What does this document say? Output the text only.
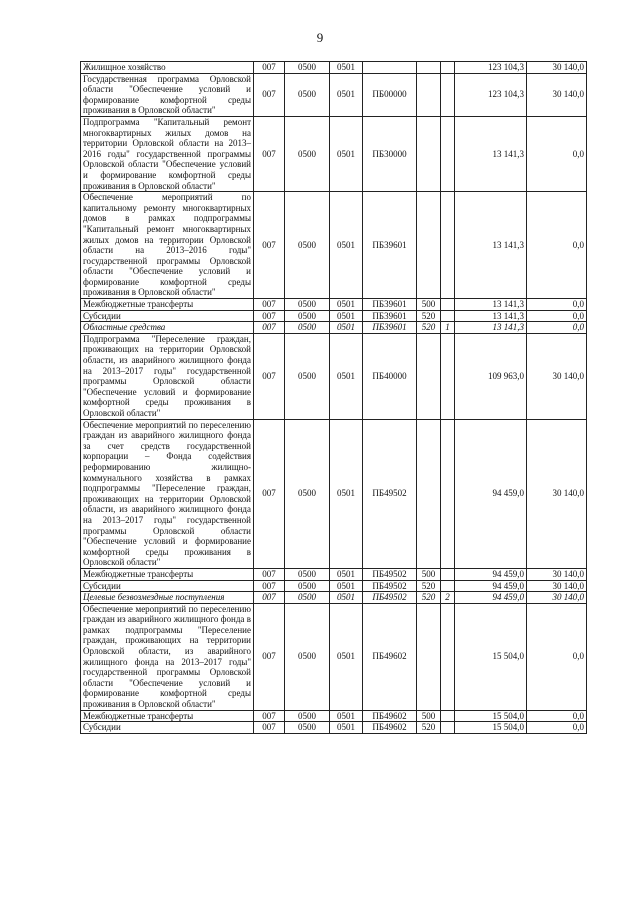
9
Жилищное хозяйство	007	0500	0501				123 104,3	30 140,0
Государственная программа Орловской области "Обеспечение условий и формирование комфортной среды проживания в Орловской области"	007	0500	0501	ПБ00000			123 104,3	30 140,0
Подпрограмма "Капитальный ремонт многоквартирных жилых домов на территории Орловской области на 2013–2016 годы" государственной программы Орловской области "Обеспечение условий и формирование комфортной среды проживания в Орловской области"	007	0500	0501	ПБ30000			13 141,3	0,0
Обеспечение мероприятий по капитальному ремонту многоквартирных домов в рамках подпрограммы "Капитальный ремонт многоквартирных жилых домов на территории Орловской области на 2013–2016 годы" государственной программы Орловской области "Обеспечение условий и формирование комфортной среды проживания в Орловской области"	007	0500	0501	ПБ39601			13 141,3	0,0
Межбюджетные трансферты	007	0500	0501	ПБ39601	500		13 141,3	0,0
Субсидии	007	0500	0501	ПБ39601	520		13 141,3	0,0
Областные средства	007	0500	0501	ПБ39601	520	1	13 141,3	0,0
Подпрограмма "Переселение граждан, проживающих на территории Орловской области, из аварийного жилищного фонда на 2013–2017 годы" государственной программы Орловской области "Обеспечение условий и формирование комфортной среды проживания в Орловской области"	007	0500	0501	ПБ40000			109 963,0	30 140,0
Обеспечение мероприятий по переселению граждан из аварийного жилищного фонда за счет средств государственной корпорации – Фонда содействия реформированию жилищно-коммунального хозяйства в рамках подпрограммы "Переселение граждан, проживающих на территории Орловской области, из аварийного жилищного фонда на 2013–2017 годы" государственной программы Орловской области "Обеспечение условий и формирование комфортной среды проживания в Орловской области"	007	0500	0501	ПБ49502			94 459,0	30 140,0
Межбюджетные трансферты	007	0500	0501	ПБ49502	500		94 459,0	30 140,0
Субсидии	007	0500	0501	ПБ49502	520		94 459,0	30 140,0
Целевые безвозмездные поступления	007	0500	0501	ПБ49502	520	2	94 459,0	30 140,0
Обеспечение мероприятий по переселению граждан из аварийного жилищного фонда в рамках подпрограммы "Переселение граждан, проживающих на территории Орловской области, из аварийного жилищного фонда на 2013–2017 годы" государственной программы Орловской области "Обеспечение условий и формирование комфортной среды проживания в Орловской области"	007	0500	0501	ПБ49602			15 504,0	0,0
Межбюджетные трансферты	007	0500	0501	ПБ49602	500		15 504,0	0,0
Субсидии	007	0500	0501	ПБ49602	520		15 504,0	0,0
